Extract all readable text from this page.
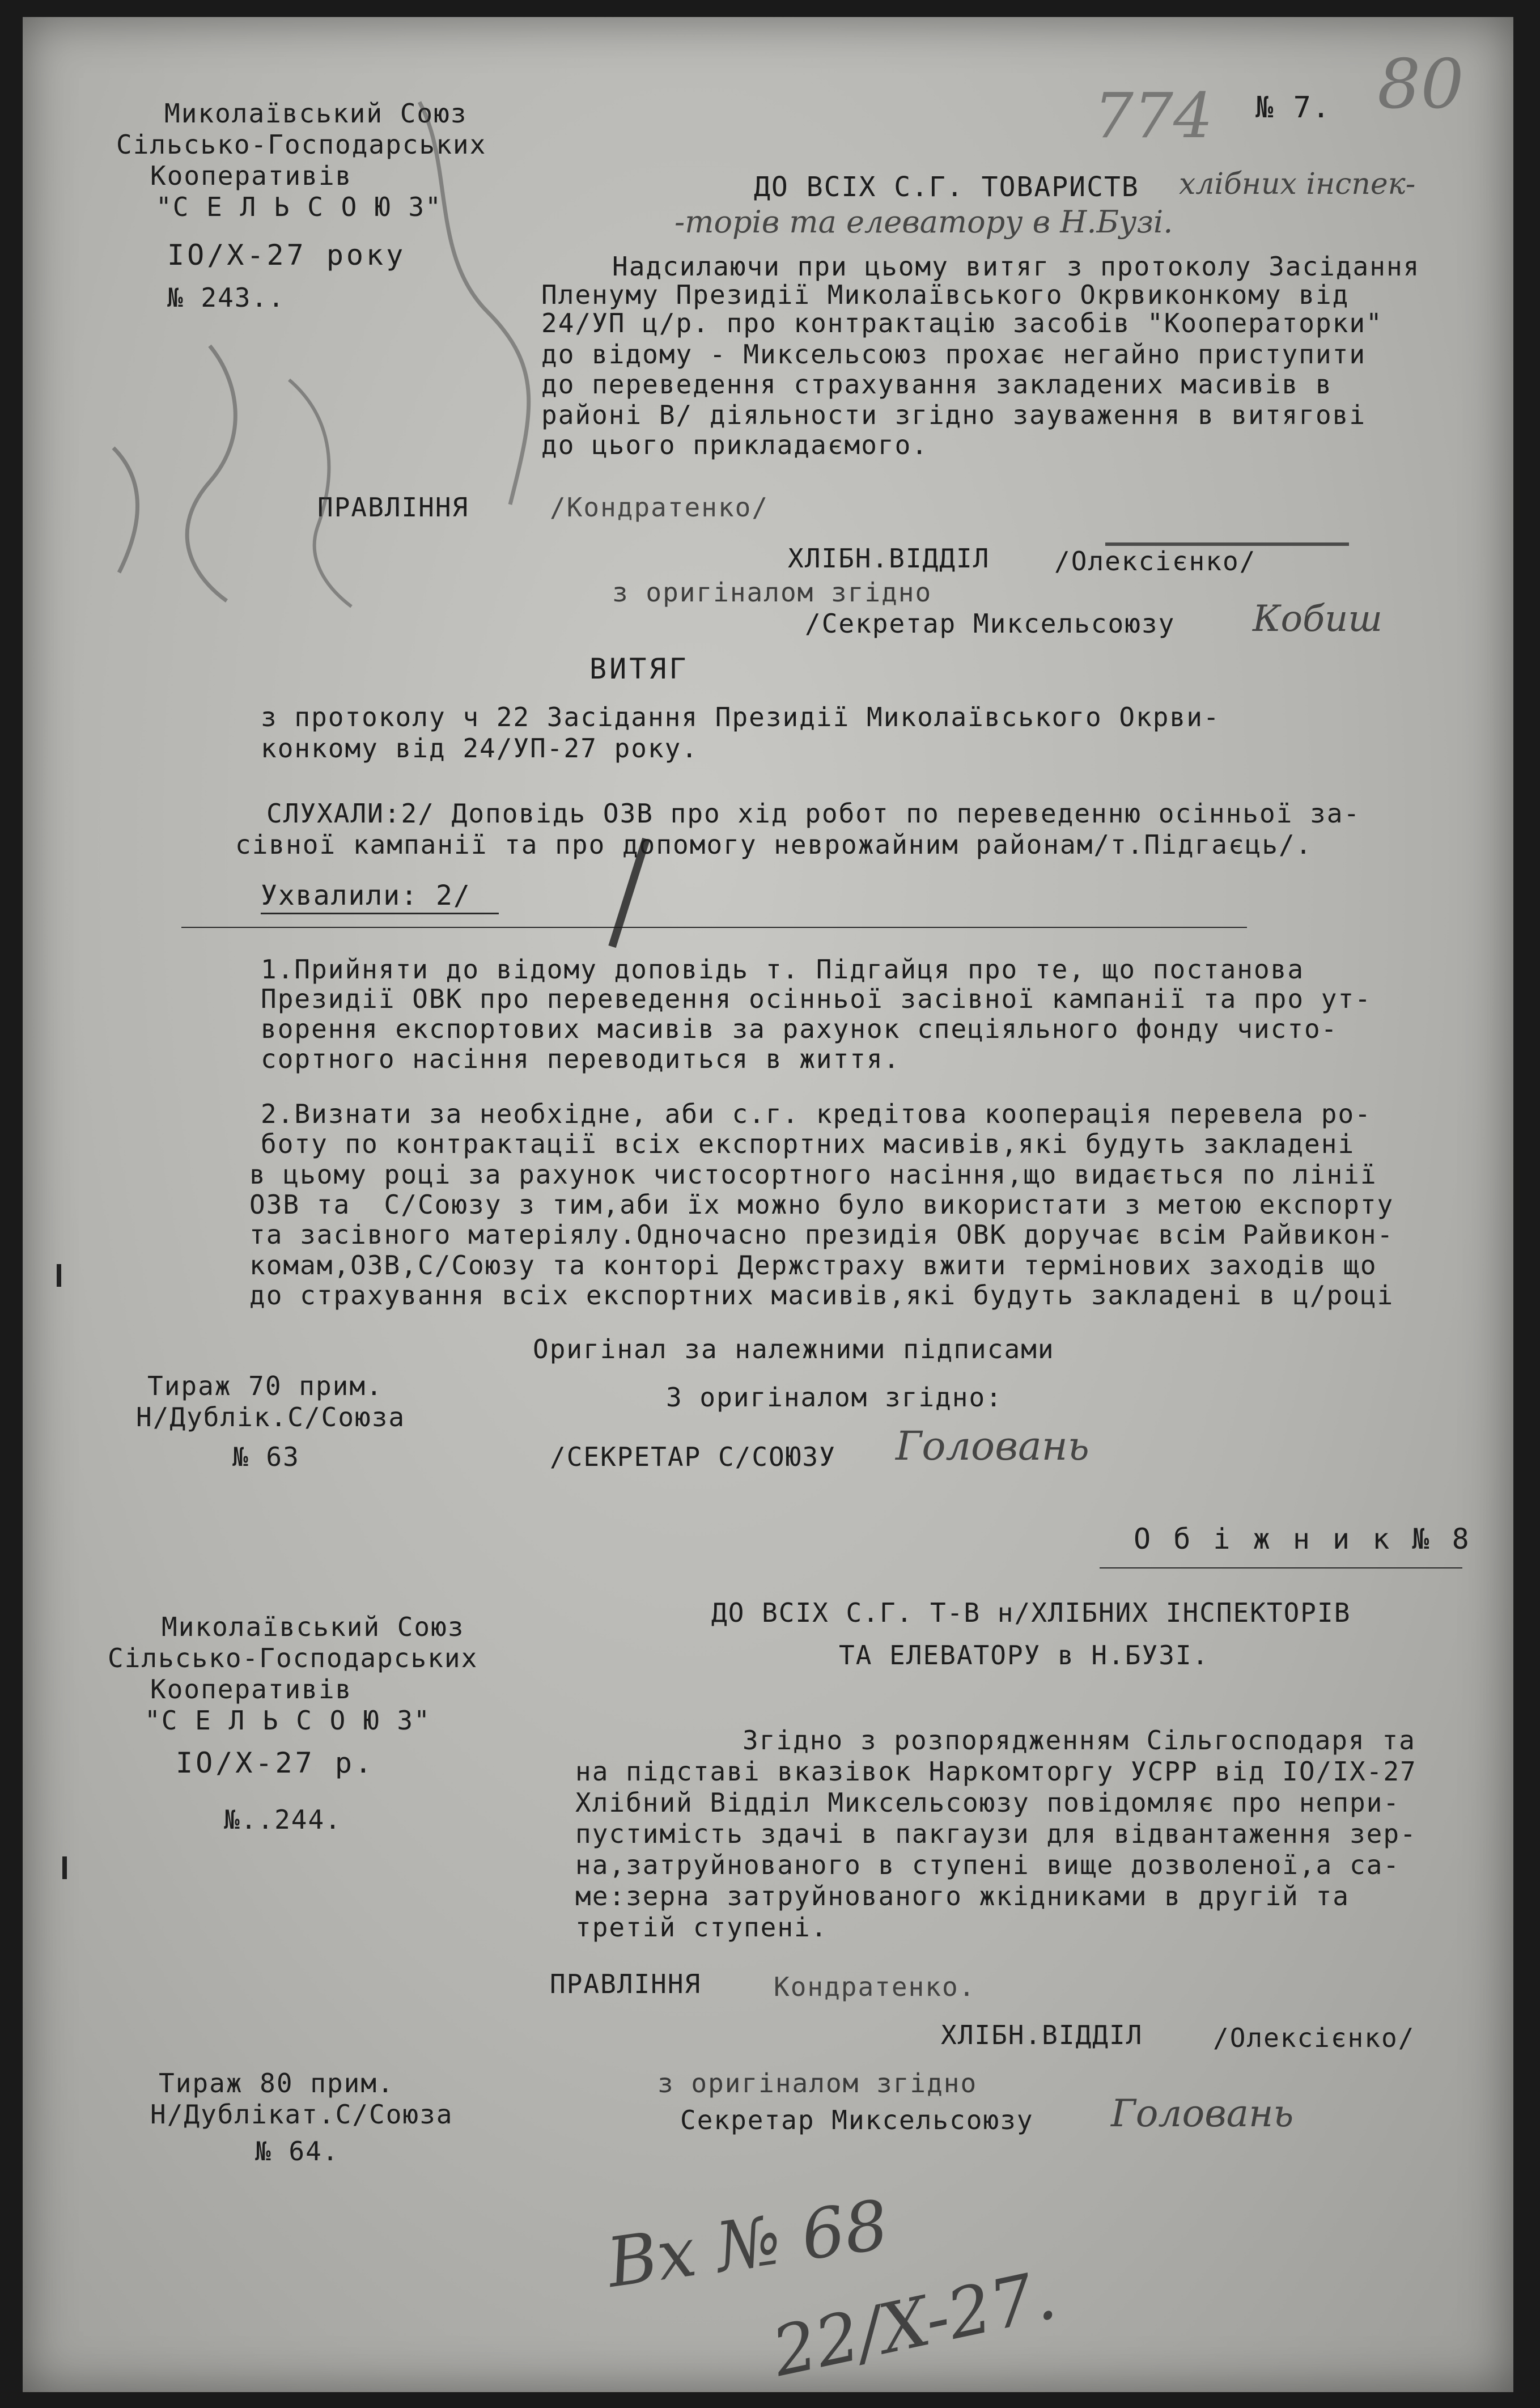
774 № 7. 80
Миколаївський Союз
Сільсько-Господарських
Кооперативів
"С Е Л Ь С О Ю З"
IO/Х-27 року
№ 243..
ДО ВСІХ С.Г. ТОВАРИСТВ хлібних інспек-
-торів та елеватору в Н.Бузі.
Надсилаючи при цьому витяг з протоколу Засідання
Пленуму Президії Миколаївського Окрвиконкому від
24/УП ц/р. про контрактацію засобів "Кооператорки"
до відому - Миксельсоюз прохає негайно приступити
до переведення страхування закладених масивів в
районі В/ діяльности згідно зауваження в витягові
до цього прикладаємого.
ПРАВЛІННЯ	/Кондратенко/
ХЛІБН.ВІДДІЛ /Олексієнко/
з оригіналом згідно
/Секретар Миксельсоюзу Кобиш
ВИТЯГ
з протоколу ч 22 Засідання Президії Миколаївського Окрви-
конкому від 24/УП-27 року.
СЛУХАЛИ:2/ Доповідь ОЗВ про хід робот по переведенню осінньої за-
сівної кампанії та про допомогу неврожайним районам/т.Підгаєць/.
Ухвалили: 2/
1.Прийняти до відому доповідь т. Підгайця про те, що постанова
Президії ОВК про переведення осінньої засівної кампанії та про ут-
ворення експортових масивів за рахунок спеціяльного фонду чисто-
сортного насіння переводиться в життя.
2.Визнати за необхідне, аби с.г. кредітова кооперація перевела ро-
боту по контрактації всіх експортних масивів,які будуть закладені
в цьому році за рахунок чистосортного насіння,що видається по лінії
ОЗВ та  С/Союзу з тим,аби їх можно було використати з метою експорту
та засівного матеріялу.Одночасно президія ОВК доручає всім Райвикон-
комам,ОЗВ,С/Союзу та конторі Держстраху вжити термінових заходів що
до страхування всіх експортних масивів,які будуть закладені в ц/році
Оригінал за належними підписами
З оригіналом згідно:
/СЕКРЕТАР С/СОЮЗУ Головань
Тираж 70 прим.
Н/Дублік.С/Союза
№ 63
О б і ж н и к № 8
Миколаївський Союз
Сільсько-Господарських
Кооперативів
"С Е Л Ь С О Ю З"
IO/Х-27 р.
№..244.
ДО ВСІХ С.Г. Т-В н/ХЛІБНИХ ІНСПЕКТОРІВ
ТА ЕЛЕВАТОРУ в Н.БУЗІ.
Згідно з розпорядженням Сільгосподаря та
на підставі вказівок Наркомторгу УСРР від IO/IX-27
Хлібний Відділ Миксельсоюзу повідомляє про непри-
пустимість здачі в пакгаузи для відвантаження зер-
на,затруйнованого в ступені вище дозволеної,а са-
ме:зерна затруйнованого жкідниками в другій та
третій ступені.
ПРАВЛІННЯ	Кондратенко.
ХЛІБН.ВІДДІЛ	/Олексієнко/
з оригіналом згідно
Секретар Миксельсоюзу Головань
Тираж 80 прим.
Н/Дублікат.С/Союза
№ 64.
Вх № 68
22/X-27.
